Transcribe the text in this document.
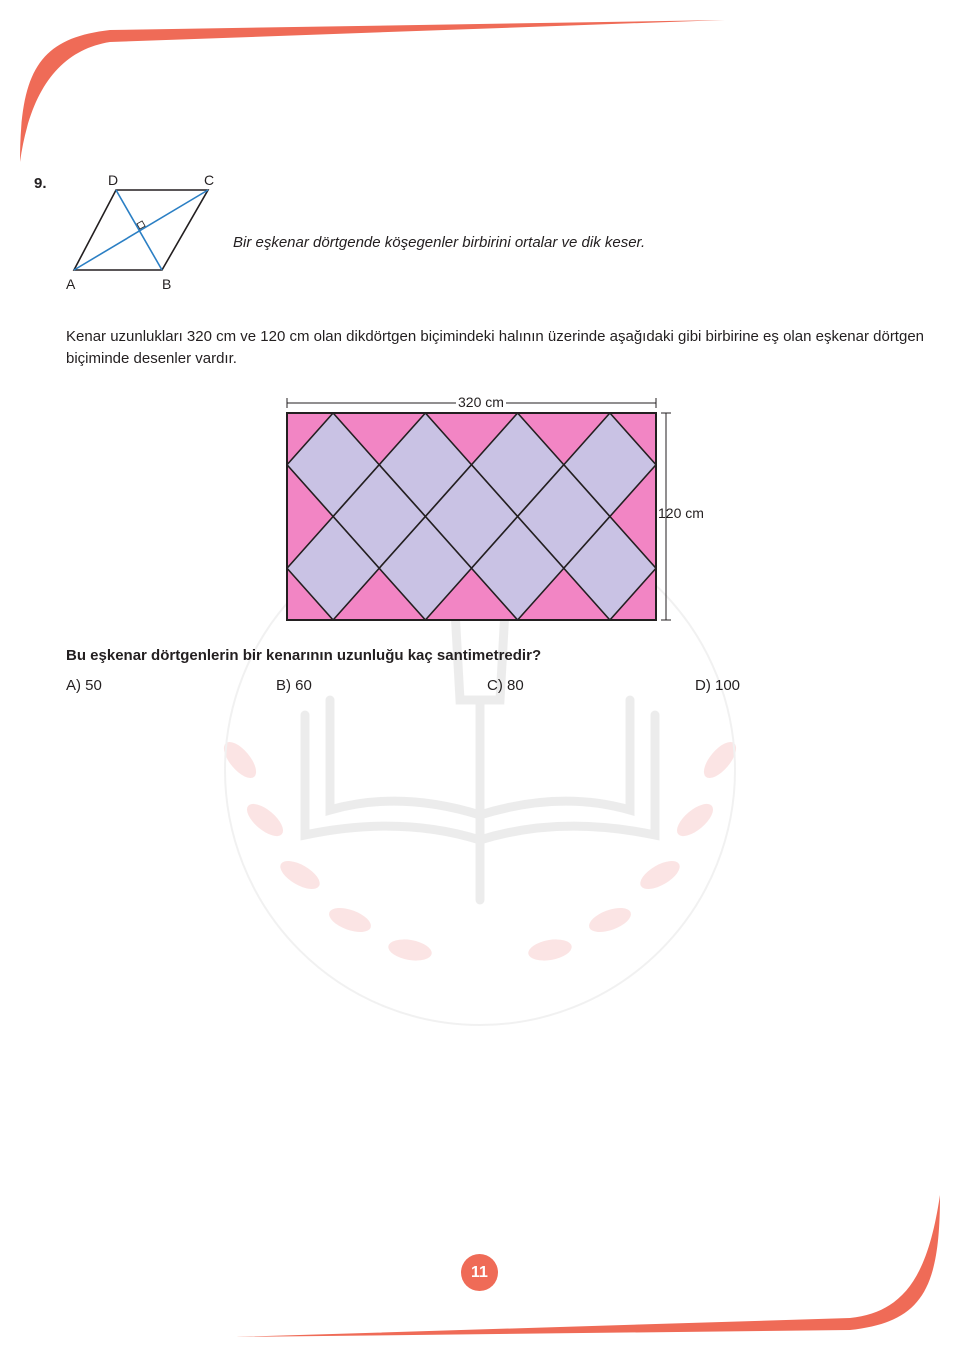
9.	D	C
A	B
Bir eşkenar dörtgende köşegenler birbirini ortalar ve dik keser.
Kenar uzunlukları 320 cm ve 120 cm olan dikdörtgen biçimindeki halının üzerinde aşağıdaki gibi birbirine eş olan eşkenar dörtgen biçiminde desenler vardır.
320 cm
120 cm
Bu eşkenar dörtgenlerin bir kenarının uzunluğu kaç santimetredir?
A) 50	B) 60	C) 80	D) 100
11
